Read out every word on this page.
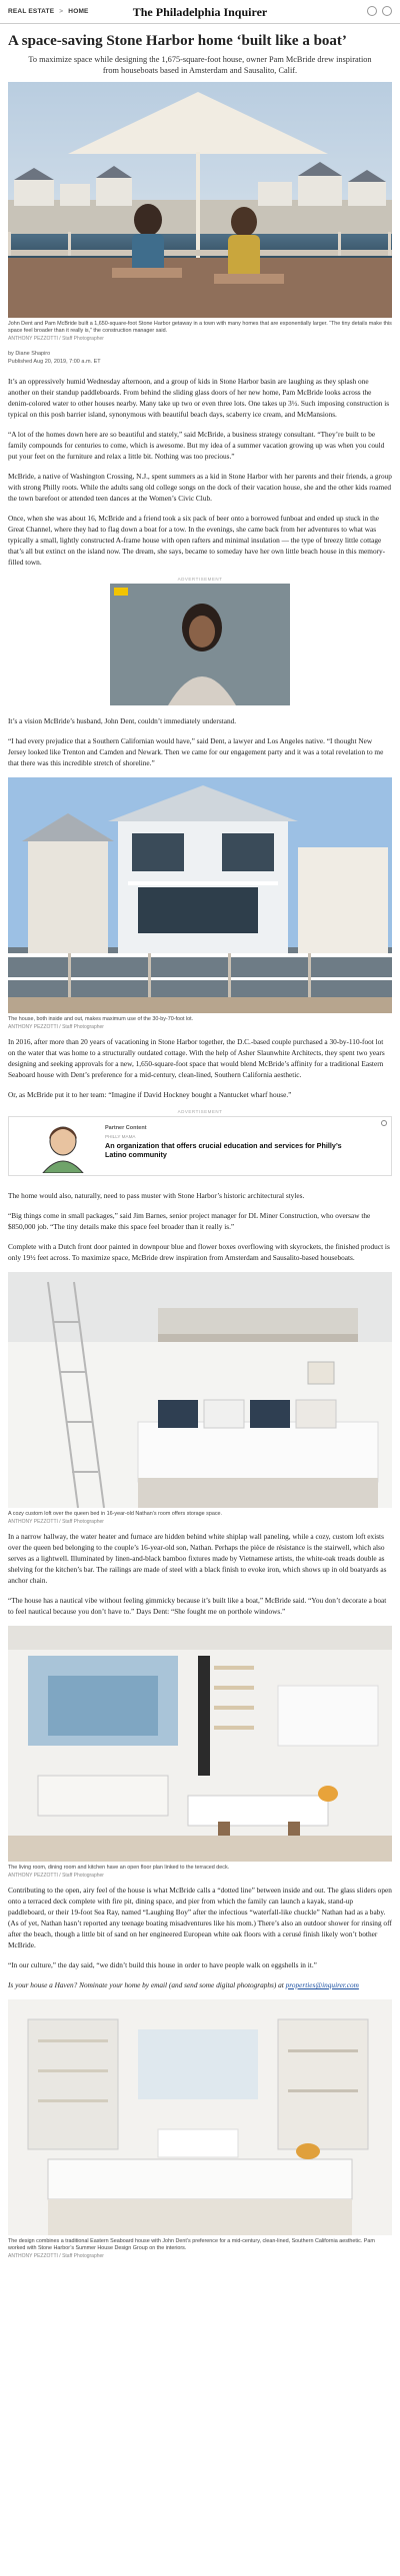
REAL ESTATE > HOME	The Philadelphia Inquirer
A space-saving Stone Harbor home ‘built like a boat’
To maximize space while designing the 1,675-square-foot house, owner Pam McBride drew inspiration from houseboats based in Amsterdam and Sausalito, Calif.
John Dent and Pam McBride built a 1,650-square-foot Stone Harbor getaway in a town with many homes that are exponentially larger. “The tiny details make this space feel broader than it really is,” the construction manager said.
ANTHONY PEZZOTTI / Staff Photographer
by Diane Shapiro
Published Aug 20, 2019, 7:00 a.m. ET

It’s an oppressively humid Wednesday afternoon, and a group of kids in Stone Harbor basin are laughing as they splash one another on their standup paddleboards. From behind the sliding glass doors of her new home, Pam McBride looks across the denim-colored water to other houses nearby. Many take up two or even three lots. One takes up 3½. Such imposing construction is typical on this posh barrier island, synonymous with beautiful beach days, scaberry ice cream, and McMansions.

“A lot of the homes down here are so beautiful and stately,” said McBride, a business strategy consultant. “They’re built to be family compounds for centuries to come, which is awesome. But my idea of a summer vacation growing up was when you could put your feet on the furniture and relax a little bit. Nothing was too precious.”

McBride, a native of Washington Crossing, N.J., spent summers as a kid in Stone Harbor with her parents and their friends, a group with strong Philly roots. While the adults sang old college songs on the dock of their vacation house, she and the other kids roamed the town barefoot or attended teen dances at the Women’s Civic Club.

Once, when she was about 16, McBride and a friend took a six pack of beer onto a borrowed funboat and ended up stuck in the Great Channel, where they had to flag down a boat for a tow. In the evenings, she came back from her adventures to what was typically a small, lightly constructed A-frame house with open rafters and minimal insulation — the type of breezy little cottage that’s all but extinct on the island now. The dream, she says, became to someday have her own little beach house in this memory-filled town.

ADVERTISEMENT

It’s a vision McBride’s husband, John Dent, couldn’t immediately understand.

“I had every prejudice that a Southern Californian would have,” said Dent, a lawyer and Los Angeles native. “I thought New Jersey looked like Trenton and Camden and Newark. Then we came for our engagement party and it was a total revelation to me that there was this incredible stretch of shoreline.”

The house, both inside and out, makes maximum use of the 30-by-70-foot lot.
ANTHONY PEZZOTTI / Staff Photographer

In 2016, after more than 20 years of vacationing in Stone Harbor together, the D.C.-based couple purchased a 30-by-110-foot lot on the water that was home to a structurally outdated cottage. With the help of Asher Slaunwhite Architects, they spent two years designing and seeking approvals for a new, 1,650-square-foot space that would blend McBride’s affinity for a traditional Eastern Seaboard house with Dent’s preference for a mid-century, clean-lined, Southern California aesthetic.

Or, as McBride put it to her team: “Imagine if David Hockney bought a Nantucket wharf house.”

ADVERTISEMENT
Partner Content
PHILLY MAMA
An organization that offers crucial education and services for Philly’s Latino community

The home would also, naturally, need to pass muster with Stone Harbor’s historic architectural styles.

“Big things come in small packages,” said Jim Barnes, senior project manager for DL Miner Construction, who oversaw the $850,000 job. “The tiny details make this space feel broader than it really is.”

Complete with a Dutch front door painted in downpour blue and flower boxes overflowing with skyrockets, the finished product is only 19½ feet across. To maximize space, McBride drew inspiration from Amsterdam and Sausalito-based houseboats.

A cozy custom loft over the queen bed in 16-year-old Nathan’s room offers storage space.
ANTHONY PEZZOTTI / Staff Photographer

In a narrow hallway, the water heater and furnace are hidden behind white shiplap wall paneling, while a cozy, custom loft exists over the queen bed belonging to the couple’s 16-year-old son, Nathan. Perhaps the pièce de résistance is the stairwell, which also serves as a lightwell. Illuminated by linen-and-black bamboo fixtures made by Vietnamese artists, the white-oak treads double as shelving for the kitchen’s bar. The railings are made of steel with a black finish to evoke iron, which shows up in old boatyards as anchor chain.

“The house has a nautical vibe without feeling gimmicky because it’s built like a boat,” McBride said. “You don’t decorate a boat to feel nautical because you don’t have to.” Days Dent: “She fought me on porthole windows.”

The living room, dining room and kitchen have an open floor plan linked to the terraced deck.
ANTHONY PEZZOTTI / Staff Photographer

Contributing to the open, airy feel of the house is what McBride calls a “dotted line” between inside and out. The glass sliders open onto a terraced deck complete with fire pit, dining space, and pier from which the family can launch a kayak, stand-up paddleboard, or their 19-foot Sea Ray, named “Laughing Boy” after the infectious “waterfall-like chuckle” Nathan had as a baby. (As of yet, Nathan hasn’t reported any teenage boating misadventures like his mom.) There’s also an outdoor shower for rinsing off after the beach, though a little bit of sand on her engineered European white oak floors with a cerusé finish likely won’t bother McBride.

“In our culture,” the day said, “we didn’t build this house in order to have people walk on eggshells in it.”

Is your house a Haven? Nominate your home by email (and send some digital photographs) at properties@inquirer.com

The design combines a traditional Eastern Seaboard house with John Dent’s preference for a mid-century, clean-lined, Southern California aesthetic. Pam worked with Stone Harbor’s Summer House Design Group on the interiors.
ANTHONY PEZZOTTI / Staff Photographer
